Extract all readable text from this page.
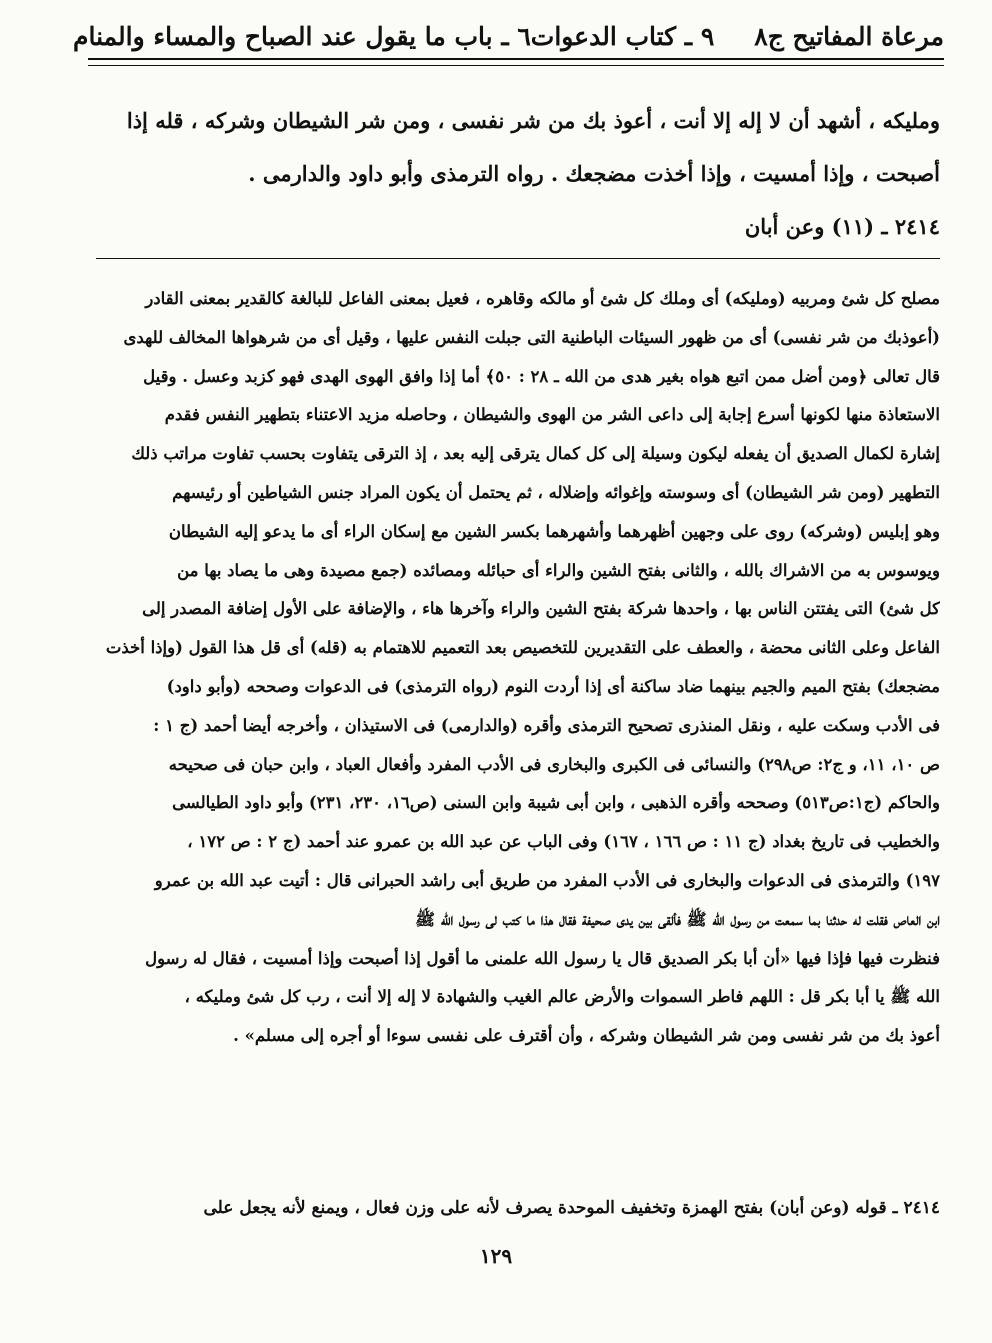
مرعاة المفاتيح ج٨
٩ ـ كتاب الدعوات
٦ ـ باب ما يقول عند الصباح والمساء والمنام

ومليكه ، أشهد أن لا إله إلا أنت ، أعوذ بك من شر نفسى ، ومن شر الشيطان وشركه ، قله إذا

أصبحت ، وإذا أمسيت ، وإذا أخذت مضجعك . رواه الترمذى وأبو داود والدارمى .

٢٤١٤ ـ (١١) وعن أبان

مصلح كل شئ ومربيه (ومليكه) أى وملك كل شئ أو مالكه وقاهره ، فعيل بمعنى الفاعل للبالغة كالقدير بمعنى القادر
(أعوذبك من شر نفسى) أى من ظهور السيئات الباطنية التى جبلت النفس عليها ، وقيل أى من شرهواها المخالف للهدى
قال تعالى ﴿ومن أضل ممن اتبع هواه بغير هدى من الله ـ ٢٨ : ٥٠﴾ أما إذا وافق الهوى الهدى فهو كزبد وعسل . وقيل
الاستعاذة منها لكونها أسرع إجابة إلى داعى الشر من الهوى والشيطان ، وحاصله مزيد الاعتناء بتطهير النفس فقدم
إشارة لكمال الصديق أن يفعله ليكون وسيلة إلى كل كمال يترقى إليه بعد ، إذ الترقى يتفاوت بحسب تفاوت مراتب ذلك
التطهير (ومن شر الشيطان) أى وسوسته وإغوائه وإضلاله ، ثم يحتمل أن يكون المراد جنس الشياطين أو رئيسهم
وهو إبليس (وشركه) روى على وجهين أظهرهما وأشهرهما بكسر الشين مع إسكان الراء أى ما يدعو إليه الشيطان
ويوسوس به من الاشراك بالله ، والثانى بفتح الشين والراء أى حبائله ومصائده (جمع مصيدة وهى ما يصاد بها من
كل شئ) التى يفتتن الناس بها ، واحدها شركة بفتح الشين والراء وآخرها هاء ، والإضافة على الأول إضافة المصدر إلى
الفاعل وعلى الثانى محضة ، والعطف على التقديرين للتخصيص بعد التعميم للاهتمام به (قله) أى قل هذا القول (وإذا أخذت
مضجعك) بفتح الميم والجيم بينهما ضاد ساكنة أى إذا أردت النوم (رواه الترمذى) فى الدعوات وصححه (وأبو داود)
فى الأدب وسكت عليه ، ونقل المنذرى تصحيح الترمذى وأقره (والدارمى) فى الاستيذان ، وأخرجه أيضا أحمد (ج ١ :
ص ١٠، ١١، و ج٢: ص٢٩٨) والنسائى فى الكبرى والبخارى فى الأدب المفرد وأفعال العباد ، وابن حبان فى صحيحه
والحاكم (ج١:ص٥١٣) وصححه وأقره الذهبى ، وابن أبى شيبة وابن السنى (ص١٦، ٢٣٠، ٢٣١) وأبو داود الطيالسى
والخطيب فى تاريخ بغداد (ج ١١ : ص ١٦٦ ، ١٦٧) وفى الباب عن عبد الله بن عمرو عند أحمد (ج ٢ : ص ١٧٢ ،
١٩٧) والترمذى فى الدعوات والبخارى فى الأدب المفرد من طريق أبى راشد الحبرانى قال : أتيت عبد الله بن عمرو
ابن العاص فقلت له حدثنا بما سمعت من رسول الله ﷺ فألقى بين يدى صحيفة فقال هذا ما كتب لى رسول الله ﷺ
فنظرت فيها فإذا فيها «أن أبا بكر الصديق قال يا رسول الله علمنى ما أقول إذا أصبحت وإذا أمسيت ، فقال له رسول
الله ﷺ يا أبا بكر قل : اللهم فاطر السموات والأرض عالم الغيب والشهادة لا إله إلا أنت ، رب كل شئ ومليكه ،
أعوذ بك من شر نفسى ومن شر الشيطان وشركه ، وأن أقترف على نفسى سوءا أو أجره إلى مسلم» .
٢٤١٤ ـ قوله (وعن أبان) بفتح الهمزة وتخفيف الموحدة يصرف لأنه على وزن فعال ، ويمنع لأنه يجعل على
١٢٩
